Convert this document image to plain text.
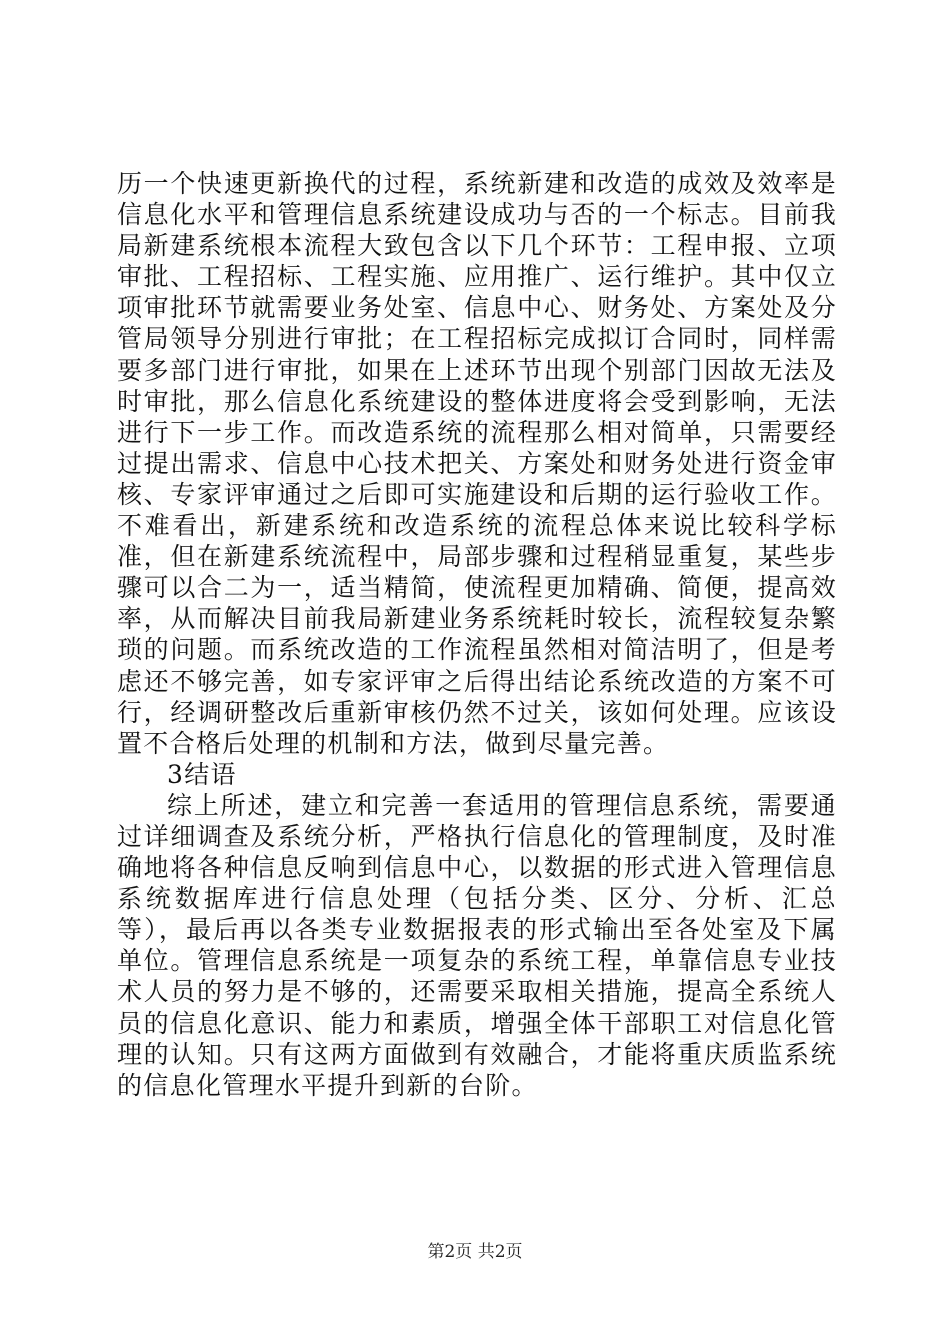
历一个快速更新换代的过程，系统新建和改造的成效及效率是信息化水平和管理信息系统建设成功与否的一个标志。目前我局新建系统根本流程大致包含以下几个环节：工程申报、立项审批、工程招标、工程实施、应用推广、运行维护。其中仅立项审批环节就需要业务处室、信息中心、财务处、方案处及分管局领导分别进行审批；在工程招标完成拟订合同时，同样需要多部门进行审批，如果在上述环节出现个别部门因故无法及时审批，那么信息化系统建设的整体进度将会受到影响，无法进行下一步工作。而改造系统的流程那么相对简单，只需要经过提出需求、信息中心技术把关、方案处和财务处进行资金审核、专家评审通过之后即可实施建设和后期的运行验收工作。不难看出，新建系统和改造系统的流程总体来说比较科学标准，但在新建系统流程中，局部步骤和过程稍显重复，某些步骤可以合二为一，适当精简，使流程更加精确、简便，提高效率，从而解决目前我局新建业务系统耗时较长，流程较复杂繁琐的问题。而系统改造的工作流程虽然相对简洁明了，但是考虑还不够完善，如专家评审之后得出结论系统改造的方案不可行，经调研整改后重新审核仍然不过关，该如何处理。应该设置不合格后处理的机制和方法，做到尽量完善。

3结语

综上所述，建立和完善一套适用的管理信息系统，需要通过详细调查及系统分析，严格执行信息化的管理制度，及时准确地将各种信息反响到信息中心，以数据的形式进入管理信息系统数据库进行信息处理（包括分类、区分、分析、汇总等），最后再以各类专业数据报表的形式输出至各处室及下属单位。管理信息系统是一项复杂的系统工程，单靠信息专业技术人员的努力是不够的，还需要采取相关措施，提高全系统人员的信息化意识、能力和素质，增强全体干部职工对信息化管理的认知。只有这两方面做到有效融合，才能将重庆质监系统的信息化管理水平提升到新的台阶。

第2页 共2页
